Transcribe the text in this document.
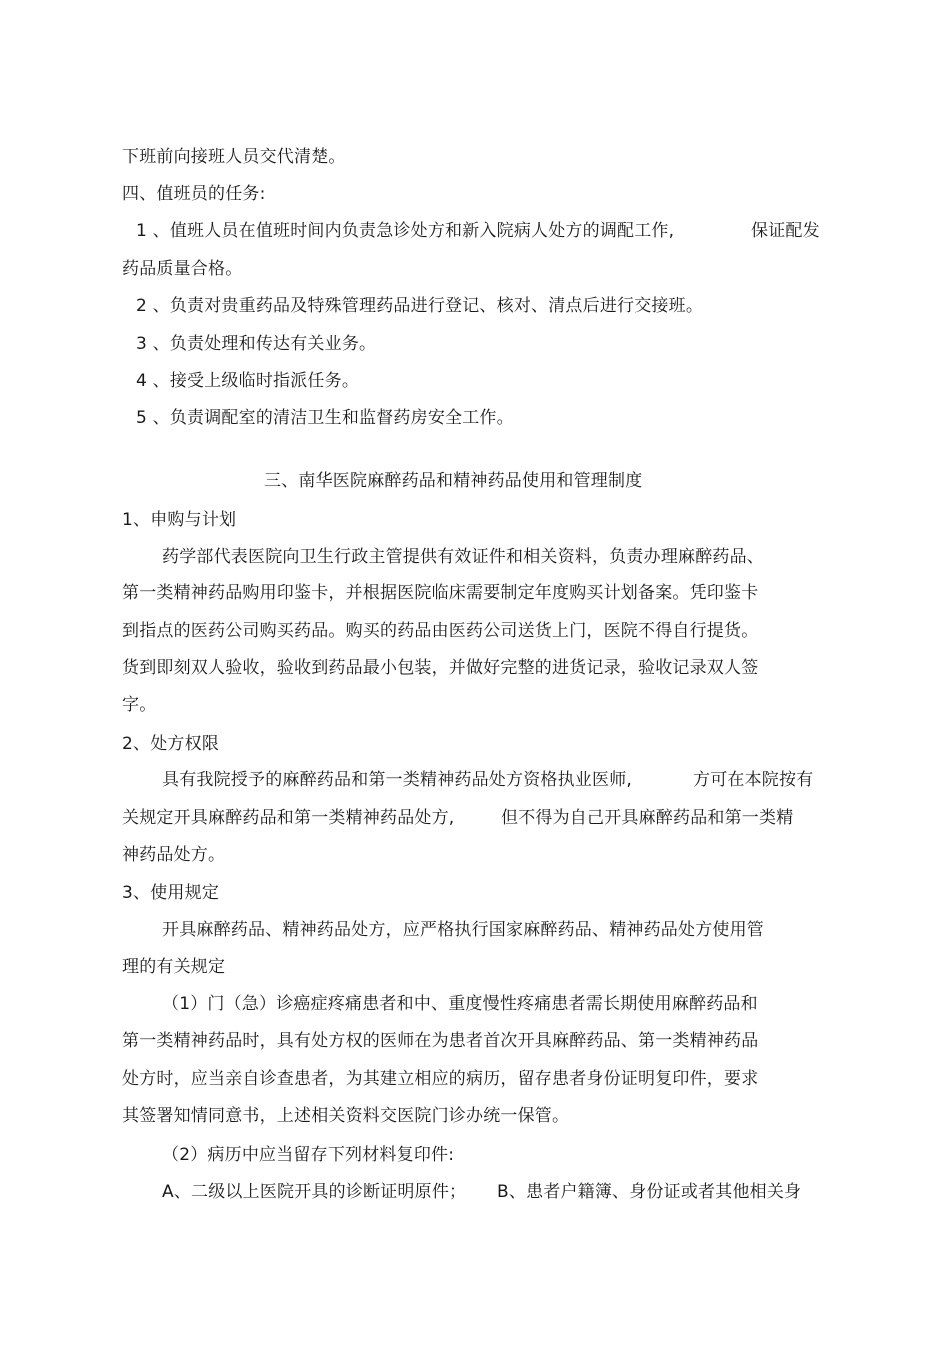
下班前向接班人员交代清楚。
四、值班员的任务:
1 、值班人员在值班时间内负责急诊处方和新入院病人处方的调配工作,	保证配发
药品质量合格。
2 、负责对贵重药品及特殊管理药品进行登记、核对、清点后进行交接班。
3 、负责处理和传达有关业务。
4 、接受上级临时指派任务。
5 、负责调配室的清洁卫生和监督药房安全工作。
三、南华医院麻醉药品和精神药品使用和管理制度
1、申购与计划
药学部代表医院向卫生行政主管提供有效证件和相关资料，负责办理麻醉药品、
第一类精神药品购用印鉴卡，并根据医院临床需要制定年度购买计划备案。凭印鉴卡
到指点的医药公司购买药品。购买的药品由医药公司送货上门，医院不得自行提货。
货到即刻双人验收，验收到药品最小包装，并做好完整的进货记录，验收记录双人签
字。
2、处方权限
具有我院授予的麻醉药品和第一类精神药品处方资格执业医师,	方可在本院按有
关规定开具麻醉药品和第一类精神药品处方,	但不得为自己开具麻醉药品和第一类精
神药品处方。
3、使用规定
开具麻醉药品、精神药品处方，应严格执行国家麻醉药品、精神药品处方使用管
理的有关规定
（1）门（急）诊癌症疼痛患者和中、重度慢性疼痛患者需长期使用麻醉药品和
第一类精神药品时，具有处方权的医师在为患者首次开具麻醉药品、第一类精神药品
处方时，应当亲自诊查患者，为其建立相应的病历，留存患者身份证明复印件，要求
其签署知情同意书，上述相关资料交医院门诊办统一保管。
（2）病历中应当留存下列材料复印件:
A、二级以上医院开具的诊断证明原件； B、患者户籍簿、身份证或者其他相关身
